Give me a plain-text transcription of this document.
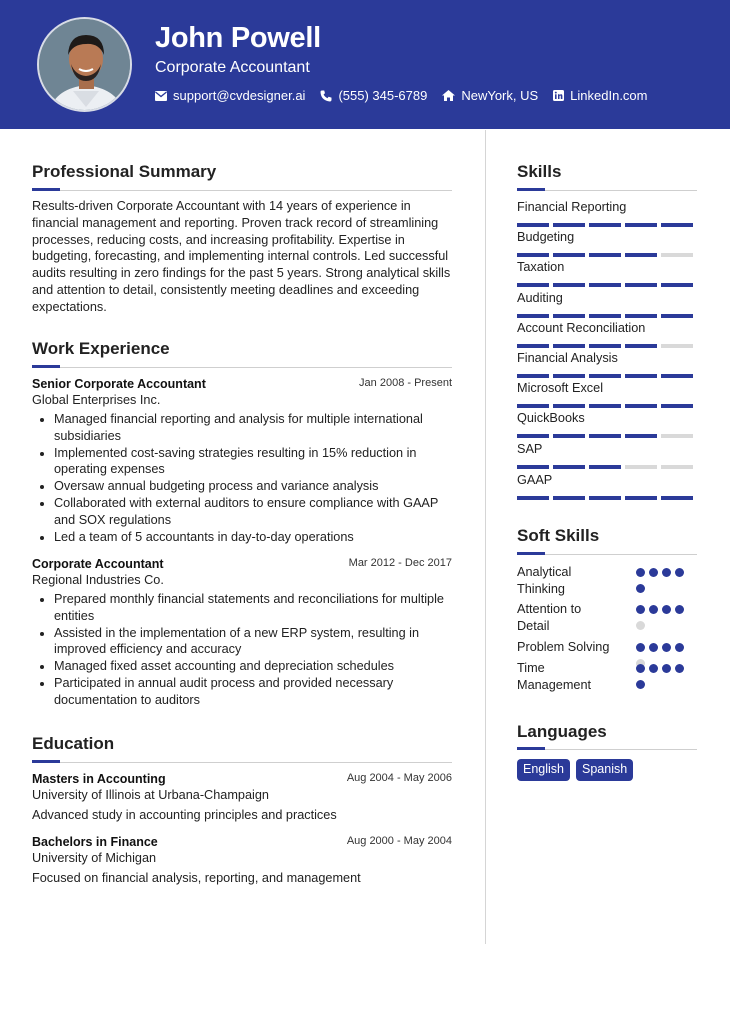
John Powell
Corporate Accountant
support@cvdesigner.ai	(555) 345-6789	NewYork, US LinkedIn.com
Professional Summary
Results-driven Corporate Accountant with 14 years of experience in financial management and reporting. Proven track record of streamlining processes, reducing costs, and increasing profitability. Expertise in budgeting, forecasting, and implementing internal controls. Led successful audits resulting in zero findings for the past 5 years. Strong analytical skills and attention to detail, consistently meeting deadlines and exceeding expectations.
Work Experience
Senior Corporate Accountant	Jan 2008 - Present
Global Enterprises Inc.
• Managed financial reporting and analysis for multiple international subsidiaries
• Implemented cost-saving strategies resulting in 15% reduction in operating expenses
• Oversaw annual budgeting process and variance analysis
• Collaborated with external auditors to ensure compliance with GAAP and SOX regulations
• Led a team of 5 accountants in day-to-day operations
Corporate Accountant	Mar 2012 - Dec 2017
Regional Industries Co.
• Prepared monthly financial statements and reconciliations for multiple entities
• Assisted in the implementation of a new ERP system, resulting in improved efficiency and accuracy
• Managed fixed asset accounting and depreciation schedules
• Participated in annual audit process and provided necessary documentation to auditors
Education
Masters in Accounting	Aug 2004 - May 2006
University of Illinois at Urbana-Champaign
Advanced study in accounting principles and practices
Bachelors in Finance	Aug 2000 - May 2004
University of Michigan
Focused on financial analysis, reporting, and management
Skills
Financial Reporting
Budgeting
Taxation
Auditing
Account Reconciliation
Financial Analysis
Microsoft Excel
QuickBooks
SAP
GAAP
Soft Skills
Analytical Thinking
Attention to Detail
Problem Solving
Time Management
Languages
English	Spanish
